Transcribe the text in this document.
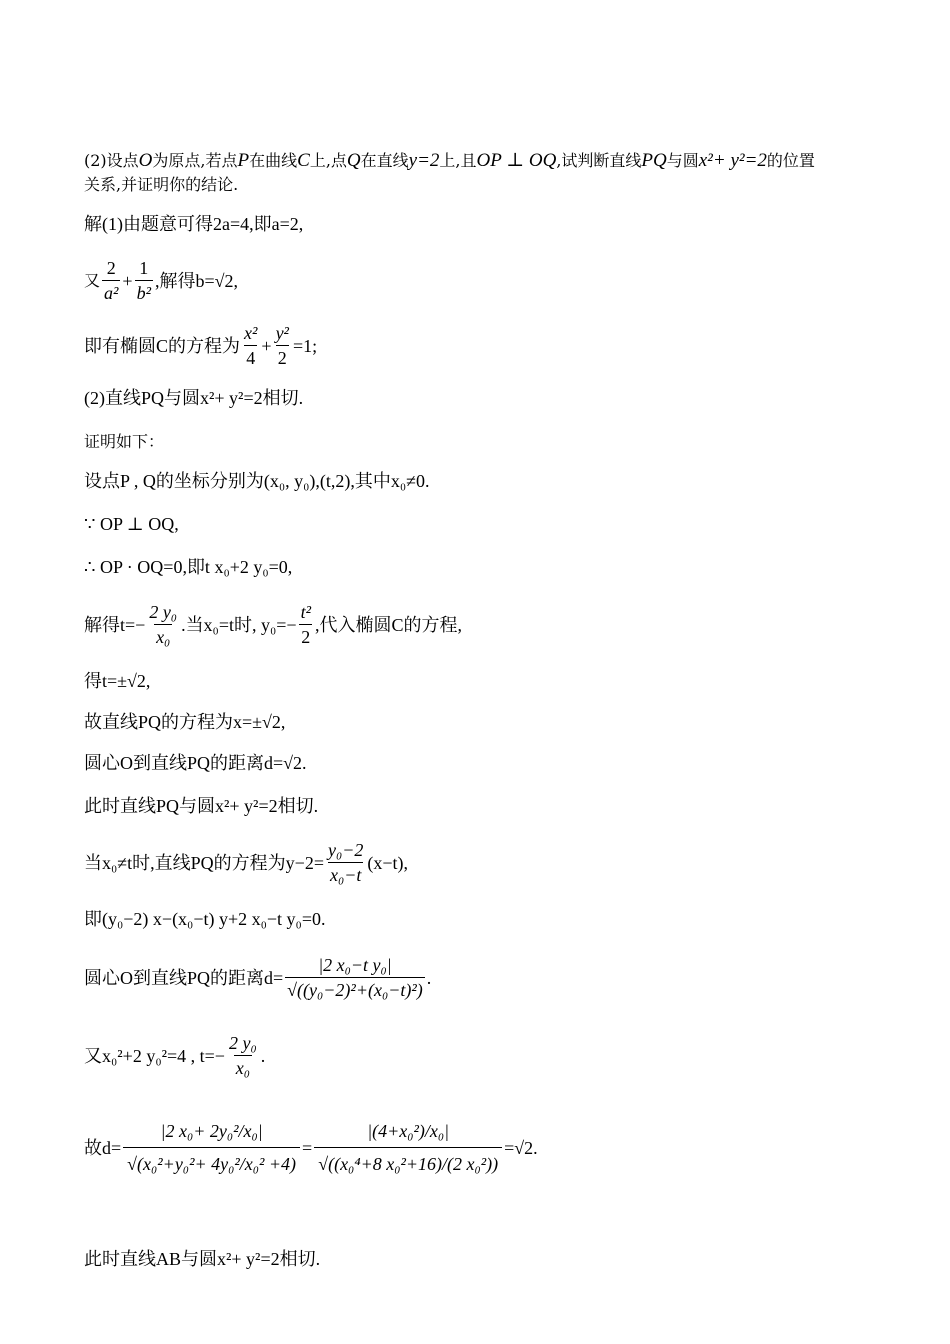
(2)设点 O 为原点,若点 P 在曲线 C 上,点 Q 在直线 y=2 上,且 OP ⊥ OQ ,试判断直线 PQ 与圆 x²+ y²=2 的位置
关系,并证明你的结论.
解(1)由题意可得2a=4,即a=2,
又 $\frac{2}{\text{a²}} + \frac{1}{\text{b²}}$ ,解得b=√2,
即有椭圆C的方程为 $\frac{\text{x²}}{4} + \frac{\text{y²}}{2} =1$;
(2)直线PQ与圆x²+ y²=2相切.
证明如下：
设点P , Q的坐标分别为(x₀, y₀),(t,2),其中x₀≠0.
∵ OP ⊥ OQ,
∴ OP · OQ=0,即t x₀+2 y₀=0,
解得$t=- \frac{\text{2 y₀}}{\text{x₀}}$ .当x₀=t时, $y_0=- \frac{\text{t²}}{2}$ ,代入椭圆C的方程,
得t=±√2,
故直线PQ的方程为x=±√2,
圆心O到直线PQ的距离d=√2.
此时直线PQ与圆x²+ y²=2相切.
当x₀≠t时,直线PQ的方程为$y-2= \frac{\text{y₀−2}}{\text{x₀−t}} (x-t)$,
即(y₀−2) x−(x₀−t) y+2 x₀−t y₀=0.
圆心O到直线PQ的距离$d= \frac{\text{|2 x₀−t y₀|}}{\text{√((y₀−2)²+(x₀−t)²)}}$ .
又x₀²+2 y₀²=4 , $t=- \frac{\text{2 y₀}}{\text{x₀}}$ .
故$d= \frac{\text{|2 x₀+ 2y₀²/x₀|}}{\text{√(x₀²+y₀²+ 4y₀²/x₀² +4)}} = \frac{\text{|(4+x₀²)/x₀|}}{\text{√((x₀⁴+8 x₀²+16)/(2 x₀²))}} =√2$.
此时直线AB与圆x²+ y²=2相切.
